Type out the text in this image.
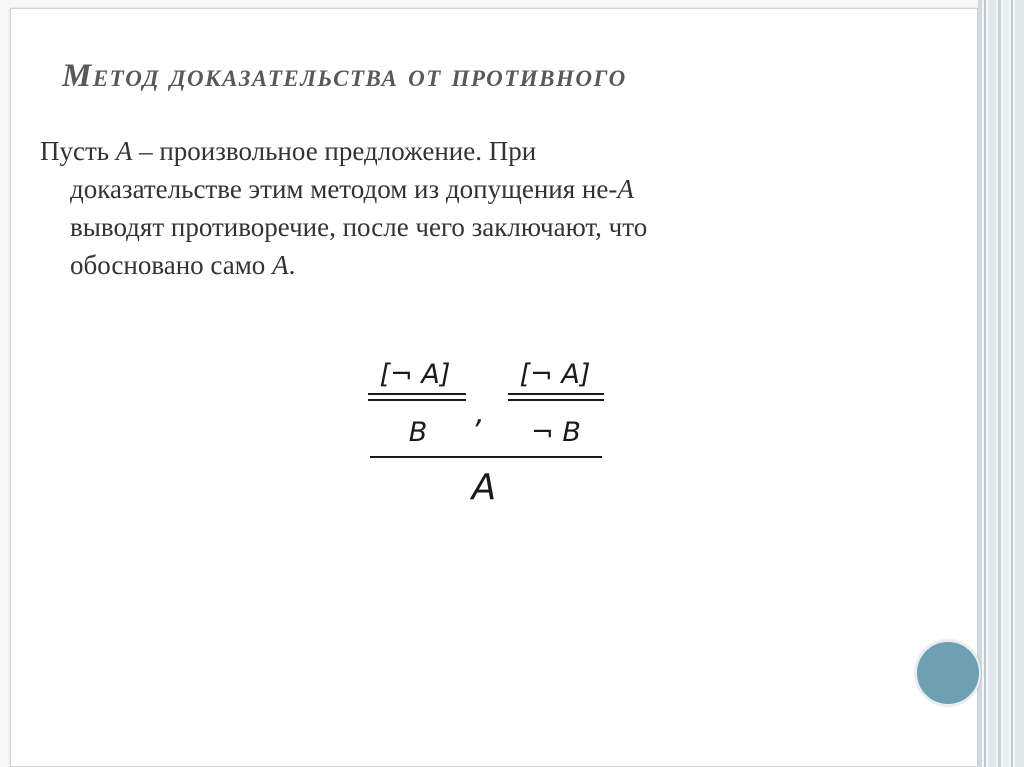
Метод доказательства от противного
Пусть A – произвольное предложение. При
доказательстве этим методом из допущения не-A
выводят противоречие, после чего заключают, что
обосновано само A.
[¬ A]
B
,
[¬ A]
¬ B
A
